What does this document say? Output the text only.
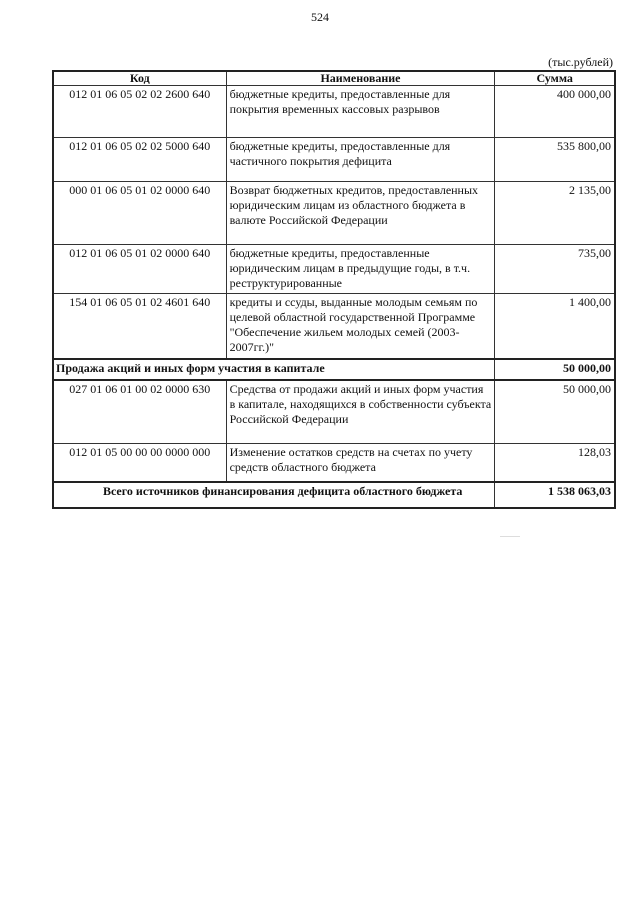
524
(тыс.рублей)
Код	Наименование	Сумма
012 01 06 05 02 02 2600 640	бюджетные кредиты, предоставленные для покрытия временных кассовых разрывов	400 000,00
012 01 06 05 02 02 5000 640	бюджетные кредиты, предоставленные для частичного покрытия дефицита	535 800,00
000 01 06 05 01 02 0000 640	Возврат бюджетных кредитов, предоставленных юридическим лицам из областного бюджета в валюте Российской Федерации	2 135,00
012 01 06 05 01 02 0000 640	бюджетные кредиты, предоставленные юридическим лицам в предыдущие годы, в т.ч. реструктурированные	735,00
154 01 06 05 01 02 4601 640	кредиты и ссуды, выданные молодым семьям по целевой областной государственной Программе "Обеспечение жильем молодых семей (2003-2007гг.)"	1 400,00
Продажа акций и иных форм участия в капитале		50 000,00
027 01 06 01 00 02 0000 630	Средства от продажи акций и иных форм участия в капитале, находящихся в собственности субъекта Российской Федерации	50 000,00
012 01 05 00 00 00 0000 000	Изменение остатков средств на счетах по учету средств областного бюджета	128,03
Всего источников финансирования дефицита областного бюджета		1 538 063,03
